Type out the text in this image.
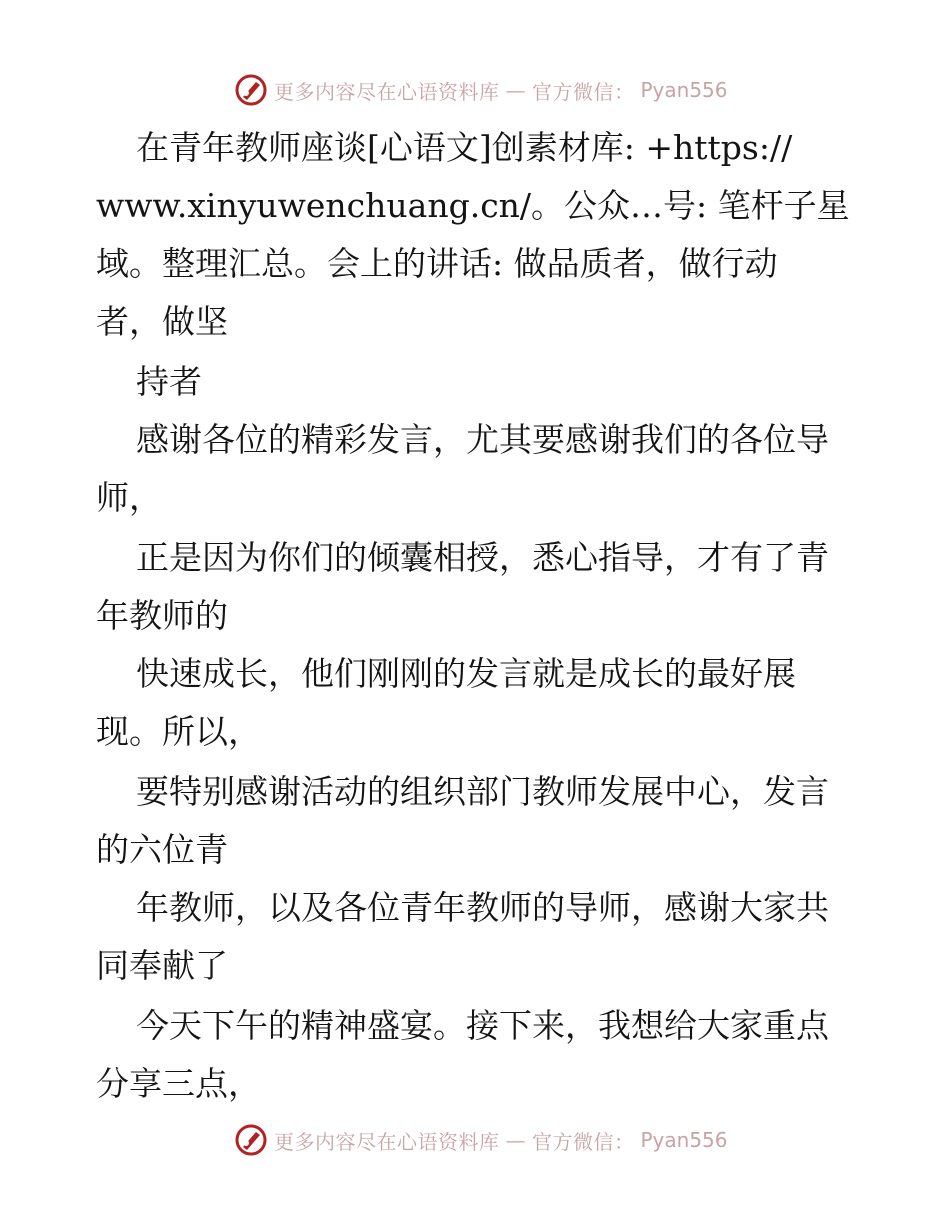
更多内容尽在心语资料库 — 官方微信： Pyan556
在青年教师座谈[心语文]创素材库: +https://
www.xinyuwenchuang.cn/。公众…号: 笔杆子星
域。整理汇总。会上的讲话: 做品质者，做行动
者，做坚
持者
感谢各位的精彩发言，尤其要感谢我们的各位导
师，
正是因为你们的倾囊相授，悉心指导，才有了青
年教师的
快速成长，他们刚刚的发言就是成长的最好展
现。所以，
要特别感谢活动的组织部门教师发展中心，发言
的六位青
年教师，以及各位青年教师的导师，感谢大家共
同奉献了
今天下午的精神盛宴。接下来，我想给大家重点
分享三点，
更多内容尽在心语资料库 — 官方微信： Pyan556
